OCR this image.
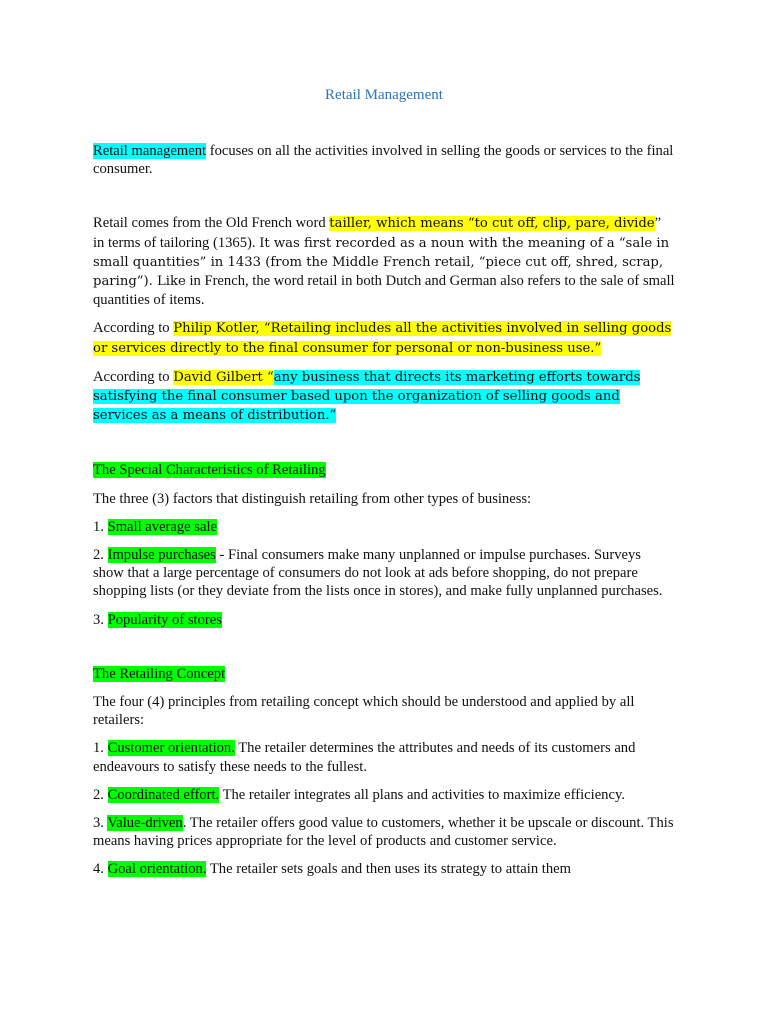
Retail Management

Retail management focuses on all the activities involved in selling the goods or services to the final consumer.

Retail comes from the Old French word tailler, which means “to cut off, clip, pare, divide” in terms of tailoring (1365). It was first recorded as a noun with the meaning of a “sale in small quantities” in 1433 (from the Middle French retail, “piece cut off, shred, scrap, paring”). Like in French, the word retail in both Dutch and German also refers to the sale of small quantities of items.

According to Philip Kotler, “Retailing includes all the activities involved in selling goods or services directly to the final consumer for personal or non-business use.”

According to David Gilbert “any business that directs its marketing efforts towards satisfying the final consumer based upon the organization of selling goods and services as a means of distribution.”

The Special Characteristics of Retailing

The three (3) factors that distinguish retailing from other types of business:

1. Small average sale

2. Impulse purchases - Final consumers make many unplanned or impulse purchases. Surveys show that a large percentage of consumers do not look at ads before shopping, do not prepare shopping lists (or they deviate from the lists once in stores), and make fully unplanned purchases.

3. Popularity of stores

The Retailing Concept

The four (4) principles from retailing concept which should be understood and applied by all retailers:

1. Customer orientation. The retailer determines the attributes and needs of its customers and endeavours to satisfy these needs to the fullest.

2. Coordinated effort. The retailer integrates all plans and activities to maximize efficiency.

3. Value-driven. The retailer offers good value to customers, whether it be upscale or discount. This means having prices appropriate for the level of products and customer service.

4. Goal orientation. The retailer sets goals and then uses its strategy to attain them
